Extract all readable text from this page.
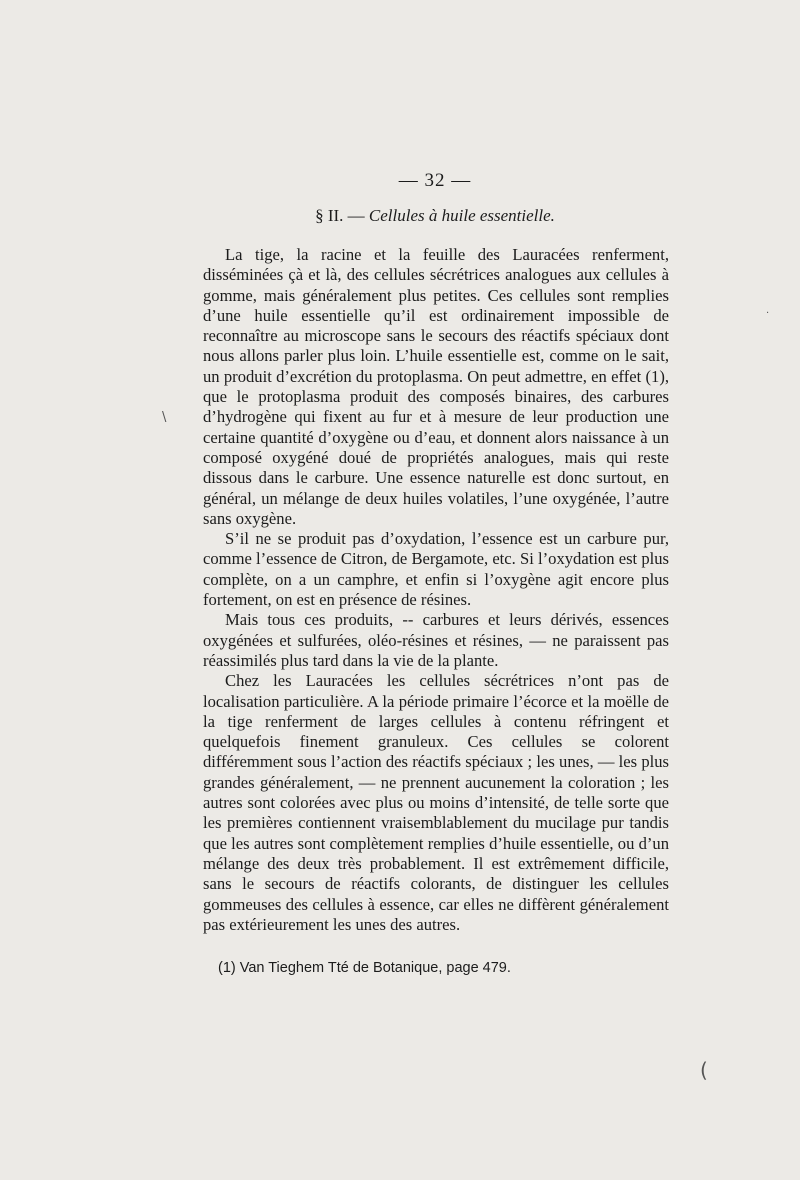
— 32 —
§ II. — Cellules à huile essentielle.

La tige, la racine et la feuille des Lauracées renferment, disséminées çà et là, des cellules sécrétrices analogues aux cellules à gomme, mais généralement plus petites. Ces cellules sont remplies d’une huile essentielle qu’il est ordinairement impossible de reconnaître au microscope sans le secours des réactifs spéciaux dont nous allons parler plus loin. L’huile essentielle est, comme on le sait, un produit d’excrétion du protoplasma. On peut admettre, en effet (1), que le protoplasma produit des composés binaires, des carbures d’hydrogène qui fixent au fur et à mesure de leur production une certaine quantité d’oxygène ou d’eau, et donnent alors naissance à un composé oxygéné doué de propriétés analogues, mais qui reste dissous dans le carbure. Une essence naturelle est donc surtout, en général, un mélange de deux huiles volatiles, l’une oxygénée, l’autre sans oxygène.

S’il ne se produit pas d’oxydation, l’essence est un carbure pur, comme l’essence de Citron, de Bergamote, etc. Si l’oxydation est plus complète, on a un camphre, et enfin si l’oxygène agit encore plus fortement, on est en présence de résines.

Mais tous ces produits, -- carbures et leurs dérivés, essences oxygénées et sulfurées, oléo-résines et résines, — ne paraissent pas réassimilés plus tard dans la vie de la plante.

Chez les Lauracées les cellules sécrétrices n’ont pas de localisation particulière. A la période primaire l’écorce et la moëlle de la tige renferment de larges cellules à contenu réfringent et quelquefois finement granuleux. Ces cellules se colorent différemment sous l’action des réactifs spéciaux ; les unes, — les plus grandes généralement, — ne prennent aucunement la coloration ; les autres sont colorées avec plus ou moins d’intensité, de telle sorte que les premières contiennent vraisemblablement du mucilage pur tandis que les autres sont complètement remplies d’huile essentielle, ou d’un mélange des deux très probablement. Il est extrêmement difficile, sans le secours de réactifs colorants, de distinguer les cellules gommeuses des cellules à essence, car elles ne diffèrent généralement pas extérieurement les unes des autres.

(1) Van Tieghem Tté de Botanique, page 479.
\
.
(
